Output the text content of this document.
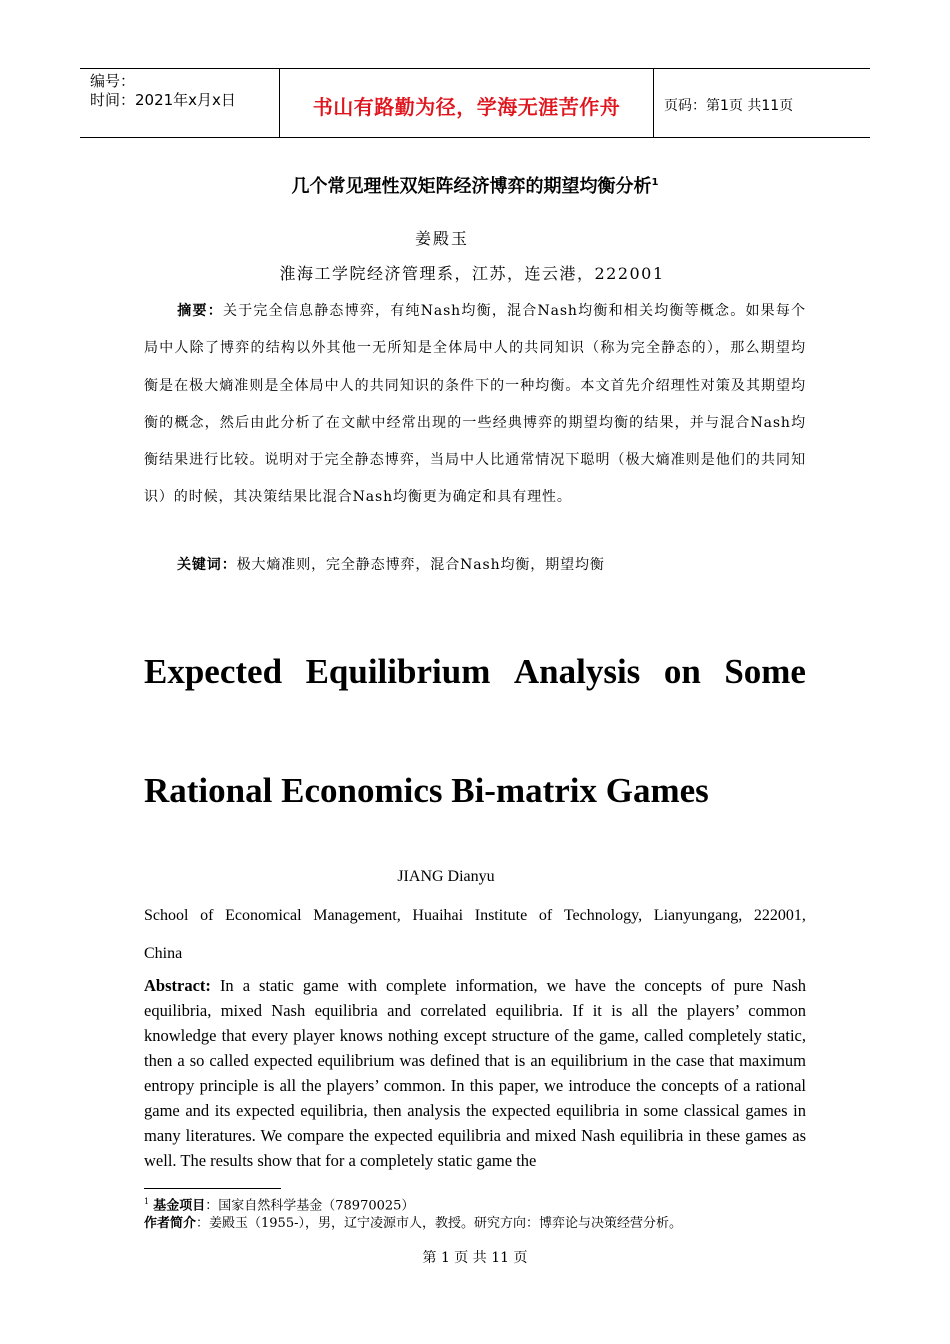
编号：
时间：2021年x月x日	书山有路勤为径，学海无涯苦作舟	页码：第1页 共11页
几个常见理性双矩阵经济博弈的期望均衡分析$^1$
姜殿玉
淮海工学院经济管理系，江苏，连云港，222001
摘要：关于完全信息静态博弈，有纯Nash均衡，混合Nash均衡和相关均衡等概念。如果每个局中人除了博弈的结构以外其他一无所知是全体局中人的共同知识（称为完全静态的），那么期望均衡是在极大熵准则是全体局中人的共同知识的条件下的一种均衡。本文首先介绍理性对策及其期望均衡的概念，然后由此分析了在文献中经常出现的一些经典博弈的期望均衡的结果，并与混合Nash均衡结果进行比较。说明对于完全静态博弈，当局中人比通常情况下聪明（极大熵准则是他们的共同知识）的时候，其决策结果比混合Nash均衡更为确定和具有理性。
关键词：极大熵准则，完全静态博弈，混合Nash均衡，期望均衡
Expected Equilibrium Analysis on Some
Rational Economics Bi-matrix Games
JIANG Dianyu
School of Economical Management, Huaihai Institute of Technology, Lianyungang, 222001,
China
Abstract: In a static game with complete information, we have the concepts of pure Nash equilibria, mixed Nash equilibria and correlated equilibria. If it is all the players’ common knowledge that every player knows nothing except structure of the game, called completely static, then a so called expected equilibrium was defined that is an equilibrium in the case that maximum entropy principle is all the players’ common. In this paper, we introduce the concepts of a rational game and its expected equilibria, then analysis the expected equilibria in some classical games in many literatures. We compare the expected equilibria and mixed Nash equilibria in these games as well. The results show that for a completely static game the
$^1$ 基金项目：国家自然科学基金（78970025）
作者简介：姜殿玉（1955-），男，辽宁凌源市人，教授。研究方向：博弈论与决策经营分析。
第 1 页 共 11 页
